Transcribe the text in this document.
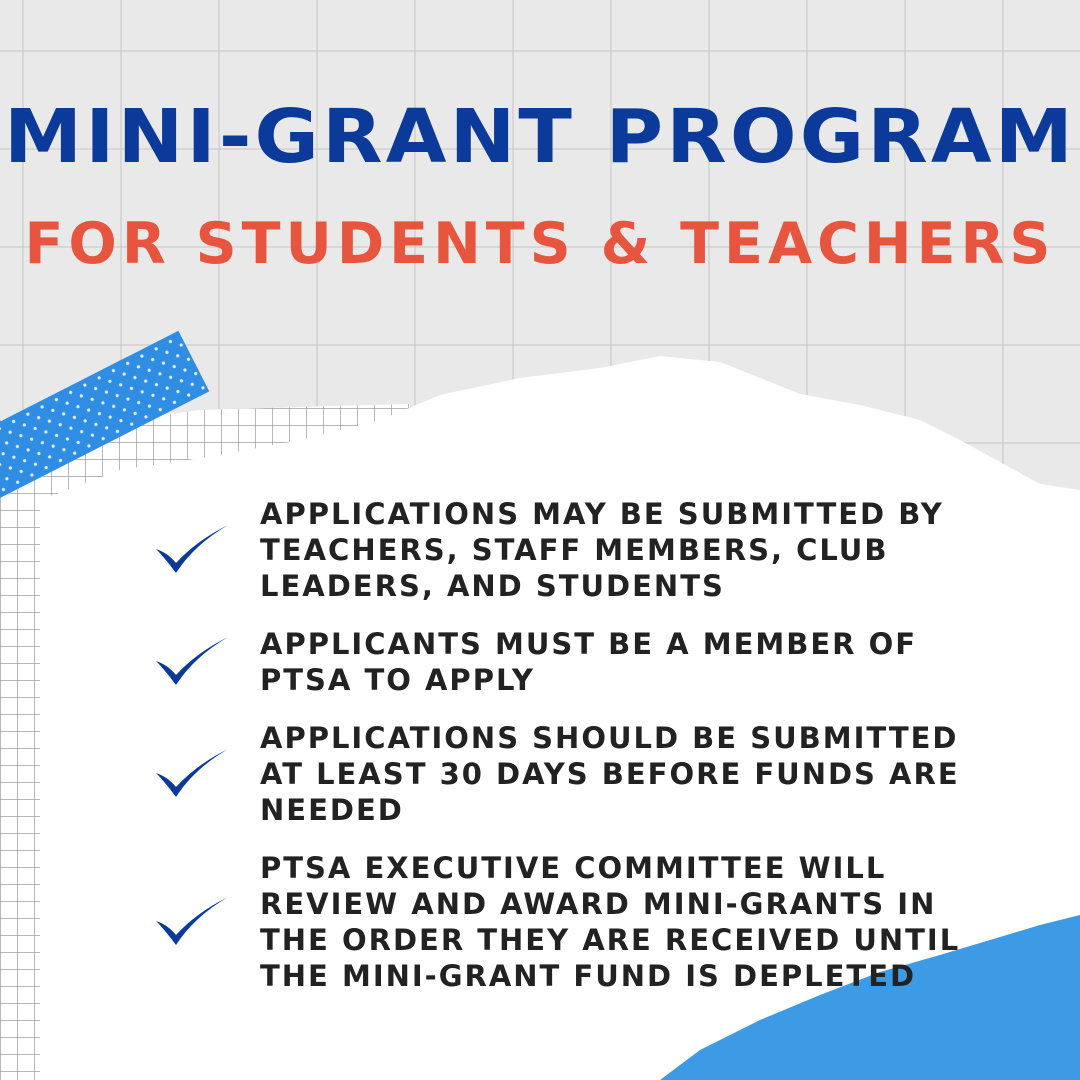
MINI-GRANT PROGRAM
FOR STUDENTS & TEACHERS
APPLICATIONS MAY BE SUBMITTED BY TEACHERS, STAFF MEMBERS, CLUB LEADERS, AND STUDENTS
APPLICANTS MUST BE A MEMBER OF PTSA TO APPLY
APPLICATIONS SHOULD BE SUBMITTED AT LEAST 30 DAYS BEFORE FUNDS ARE NEEDED
PTSA EXECUTIVE COMMITTEE WILL REVIEW AND AWARD MINI-GRANTS IN THE ORDER THEY ARE RECEIVED UNTIL THE MINI-GRANT FUND IS DEPLETED
